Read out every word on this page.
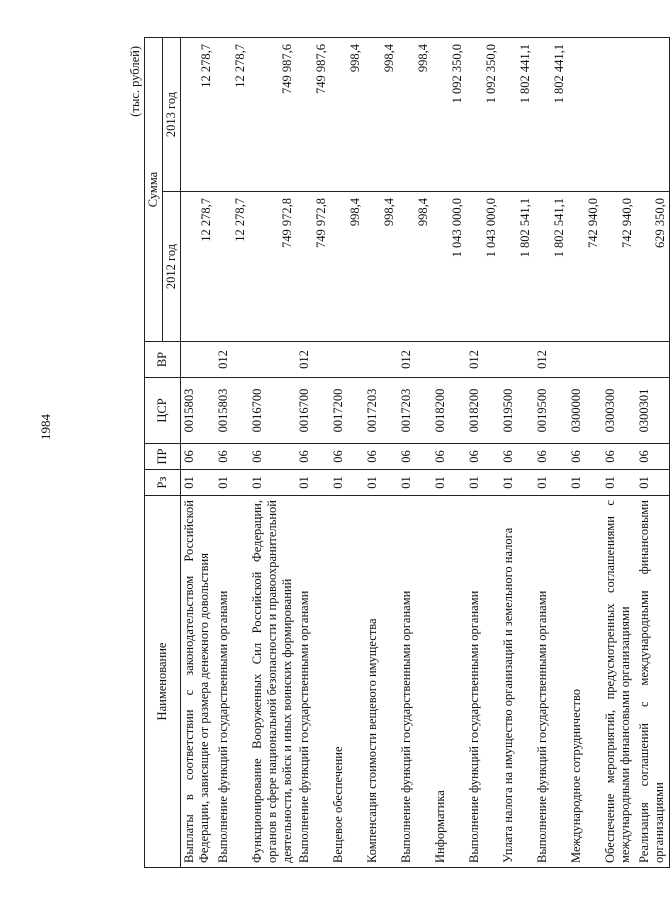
1984
(тыс. рублей)
Наименование	Рз	ПР	ЦСР	ВР	Сумма	
					2012 год	2013 год
Выплаты в соответствии с законодательством Российской Федерации, зависящие от размера денежного довольствия	01	06	0015803		12 278,7	12 278,7
Выполнение функций государственными органами	01	06	0015803	012	12 278,7	12 278,7
Функционирование Вооруженных Сил Российской Федерации, органов в сфере национальной безопасности и правоохранительной деятельности, войск и иных воинских формирований	01	06	0016700		749 972,8	749 987,6
Выполнение функций государственными органами	01	06	0016700	012	749 972,8	749 987,6
Вещевое обеспечение	01	06	0017200		998,4	998,4
Компенсация стоимости вещевого имущества	01	06	0017203		998,4	998,4
Выполнение функций государственными органами	01	06	0017203	012	998,4	998,4
Информатика	01	06	0018200		1 043 000,0	1 092 350,0
Выполнение функций государственными органами	01	06	0018200	012	1 043 000,0	1 092 350,0
Уплата налога на имущество организаций и земельного налога	01	06	0019500		1 802 541,1	1 802 441,1
Выполнение функций государственными органами	01	06	0019500	012	1 802 541,1	1 802 441,1
Международное сотрудничество	01	06	0300000		742 940,0	
Обеспечение мероприятий, предусмотренных соглашениями с международными финансовыми организациями	01	06	0300300		742 940,0	
Реализация соглашений с международными финансовыми организациями	01	06	0300301		629 350,0	
